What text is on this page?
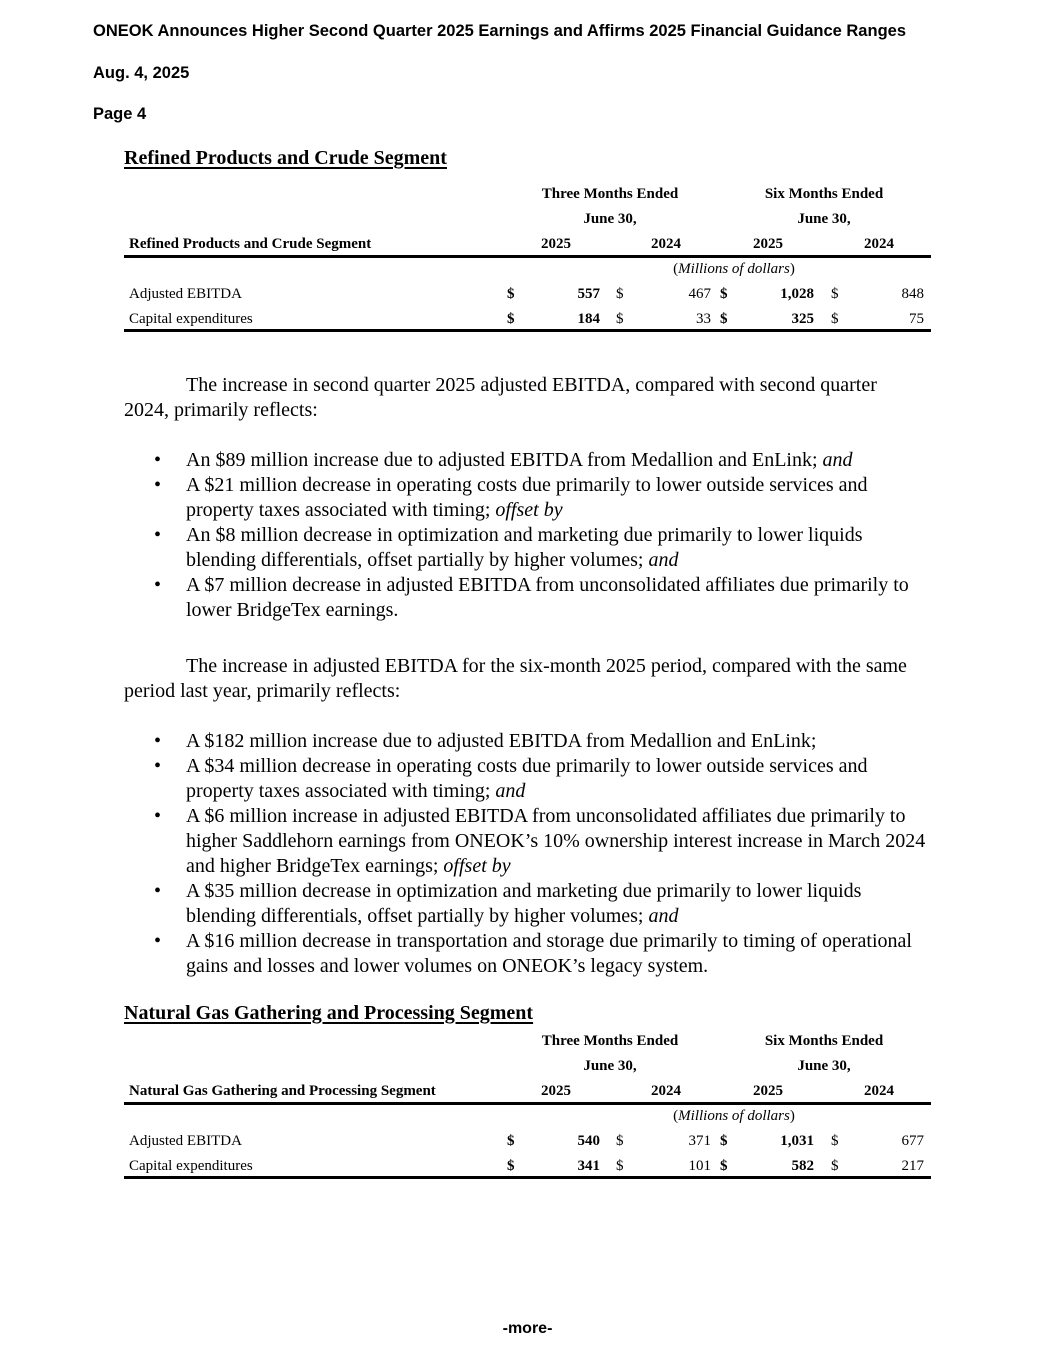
ONEOK Announces Higher Second Quarter 2025 Earnings and Affirms 2025 Financial Guidance Ranges
Aug. 4, 2025
Page 4
Refined Products and Crude Segment
Three Months Ended	Six Months Ended
June 30,	June 30,
Refined Products and Crude Segment	2025	2024	2025	2024
(Millions of dollars)
Adjusted EBITDA	$	557 $	467 $	1,028 $	848
Capital expenditures	$	184 $	33 $	325 $	75

The increase in second quarter 2025 adjusted EBITDA, compared with second quarter 2024, primarily reflects:

• An $89 million increase due to adjusted EBITDA from Medallion and EnLink; and
• A $21 million decrease in operating costs due primarily to lower outside services and property taxes associated with timing; offset by
• An $8 million decrease in optimization and marketing due primarily to lower liquids blending differentials, offset partially by higher volumes; and
• A $7 million decrease in adjusted EBITDA from unconsolidated affiliates due primarily to lower BridgeTex earnings.

The increase in adjusted EBITDA for the six-month 2025 period, compared with the same period last year, primarily reflects:

• A $182 million increase due to adjusted EBITDA from Medallion and EnLink;
• A $34 million decrease in operating costs due primarily to lower outside services and property taxes associated with timing; and
• A $6 million increase in adjusted EBITDA from unconsolidated affiliates due primarily to higher Saddlehorn earnings from ONEOK’s 10% ownership interest increase in March 2024 and higher BridgeTex earnings; offset by
• A $35 million decrease in optimization and marketing due primarily to lower liquids blending differentials, offset partially by higher volumes; and
• A $16 million decrease in transportation and storage due primarily to timing of operational gains and losses and lower volumes on ONEOK’s legacy system.
Natural Gas Gathering and Processing Segment
Three Months Ended	Six Months Ended
June 30,	June 30,
Natural Gas Gathering and Processing Segment	2025	2024	2025	2024
(Millions of dollars)
Adjusted EBITDA	$	540 $	371 $	1,031 $	677
Capital expenditures	$	341 $	101 $	582 $	217
-more-
